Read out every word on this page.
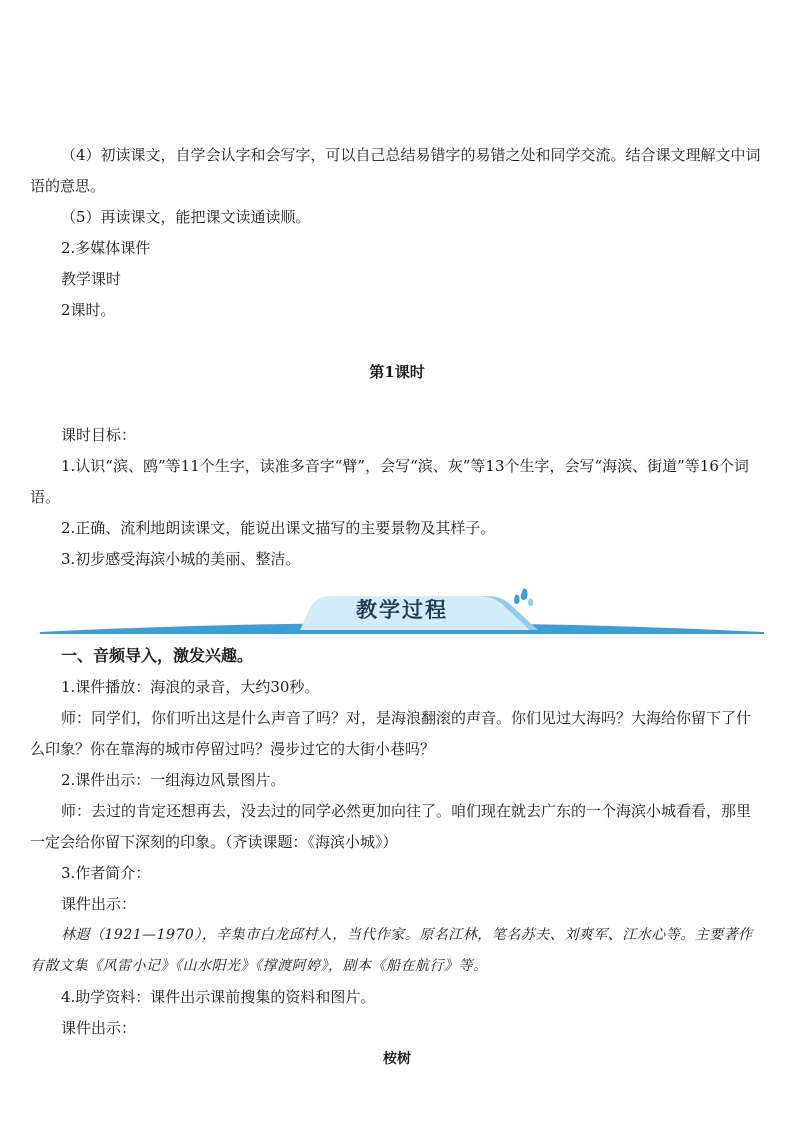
（4）初读课文，自学会认字和会写字，可以自己总结易错字的易错之处和同学交流。结合课文理解文中词语的意思。
（5）再读课文，能把课文读通读顺。
2.多媒体课件
教学课时
2课时。
第1课时
课时目标：
1.认识“滨、鸥”等11个生字，读准多音字“臂”，会写“滨、灰”等13个生字，会写“海滨、街道”等16个词语。
2.正确、流利地朗读课文，能说出课文描写的主要景物及其样子。
3.初步感受海滨小城的美丽、整洁。
教学过程
一、音频导入，激发兴趣。
1.课件播放：海浪的录音，大约30秒。
师：同学们，你们听出这是什么声音了吗？对，是海浪翻滚的声音。你们见过大海吗？大海给你留下了什么印象？你在靠海的城市停留过吗？漫步过它的大街小巷吗？
2.课件出示：一组海边风景图片。
师：去过的肯定还想再去，没去过的同学必然更加向往了。咱们现在就去广东的一个海滨小城看看，那里一定会给你留下深刻的印象。（齐读课题：《海滨小城》）
3.作者简介：
课件出示：
林遐（1921—1970），辛集市白龙邱村人，当代作家。原名江林，笔名苏夫、刘爽军、江水心等。主要著作有散文集《风雷小记》《山水阳光》《撑渡阿婷》，剧本《船在航行》等。
4.助学资料：课件出示课前搜集的资料和图片。
课件出示：
桉树
